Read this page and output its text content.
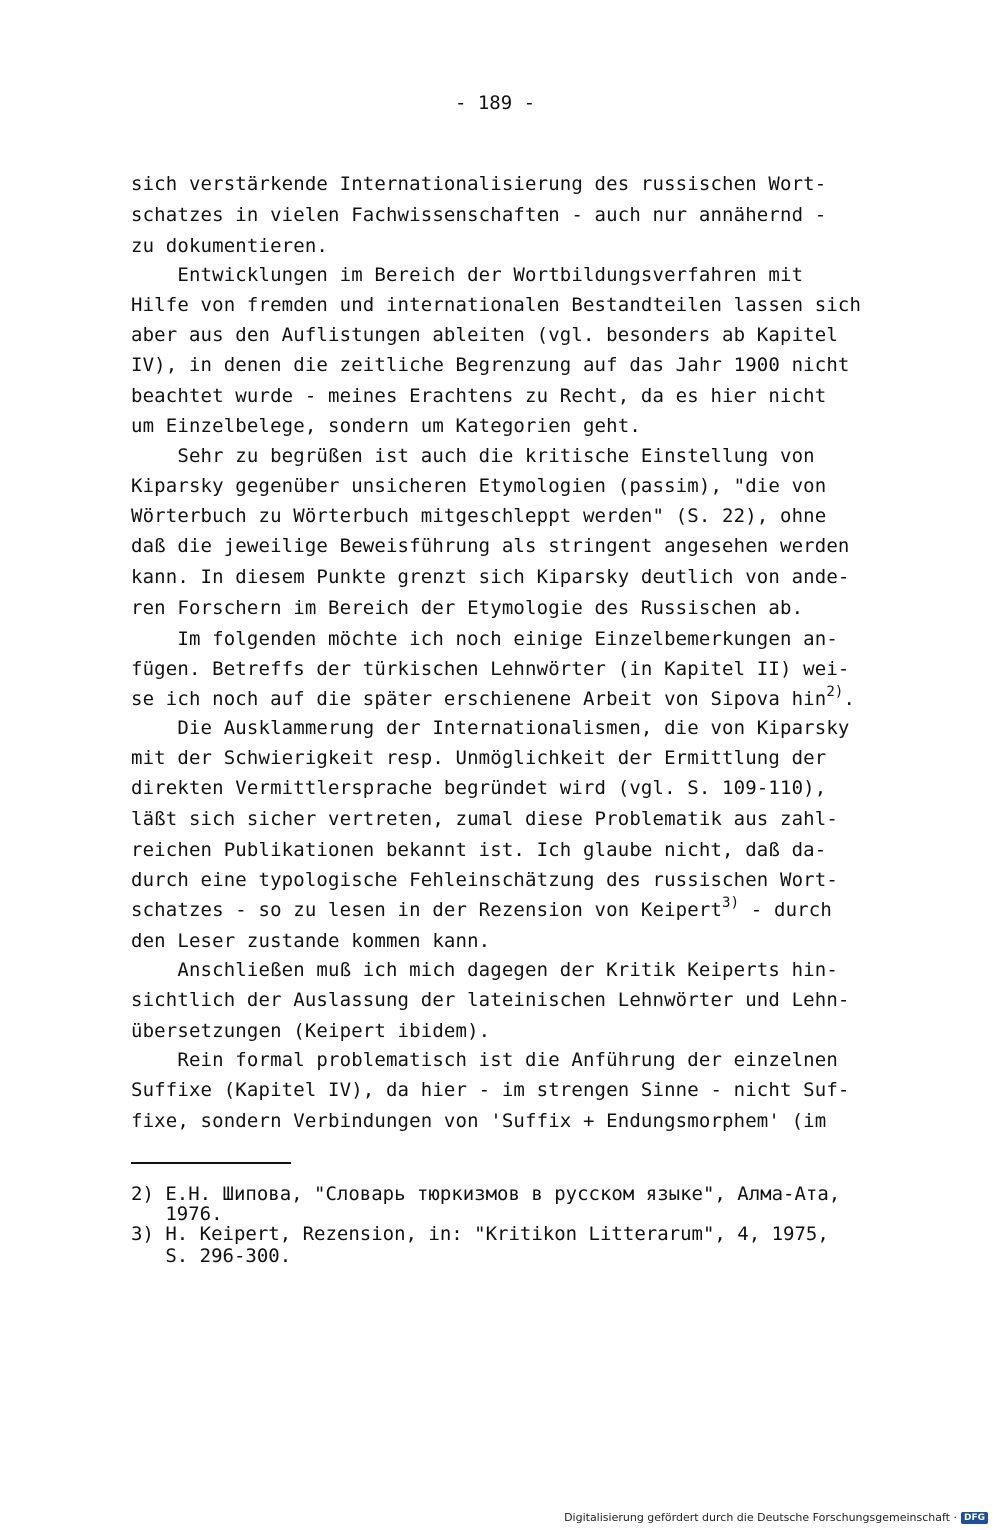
- 189 -
sich verstärkende Internationalisierung des russischen Wort-
schatzes in vielen Fachwissenschaften - auch nur annähernd -
zu dokumentieren.
Entwicklungen im Bereich der Wortbildungsverfahren mit
Hilfe von fremden und internationalen Bestandteilen lassen sich
aber aus den Auflistungen ableiten (vgl. besonders ab Kapitel
IV), in denen die zeitliche Begrenzung auf das Jahr 1900 nicht
beachtet wurde - meines Erachtens zu Recht, da es hier nicht
um Einzelbelege, sondern um Kategorien geht.
Sehr zu begrüßen ist auch die kritische Einstellung von
Kiparsky gegenüber unsicheren Etymologien (passim), "die von
Wörterbuch zu Wörterbuch mitgeschleppt werden" (S. 22), ohne
daß die jeweilige Beweisführung als stringent angesehen werden
kann. In diesem Punkte grenzt sich Kiparsky deutlich von ande-
ren Forschern im Bereich der Etymologie des Russischen ab.
Im folgenden möchte ich noch einige Einzelbemerkungen an-
fügen. Betreffs der türkischen Lehnwörter (in Kapitel II) wei-
se ich noch auf die später erschienene Arbeit von Sipova hin$^{2)}$.
Die Ausklammerung der Internationalismen, die von Kiparsky
mit der Schwierigkeit resp. Unmöglichkeit der Ermittlung der
direkten Vermittlersprache begründet wird (vgl. S. 109-110),
läßt sich sicher vertreten, zumal diese Problematik aus zahl-
reichen Publikationen bekannt ist. Ich glaube nicht, daß da-
durch eine typologische Fehleinschätzung des russischen Wort-
schatzes - so zu lesen in der Rezension von Keipert$^{3)}$ - durch
den Leser zustande kommen kann.
Anschließen muß ich mich dagegen der Kritik Keiperts hin-
sichtlich der Auslassung der lateinischen Lehnwörter und Lehn-
übersetzungen (Keipert ibidem).
Rein formal problematisch ist die Anführung der einzelnen
Suffixe (Kapitel IV), da hier - im strengen Sinne - nicht Suf-
fixe, sondern Verbindungen von 'Suffix + Endungsmorphem' (im
2) Е.Н. Шипова, "Словарь тюркизмов в русском языке", Алма-Ата,
1976.
3) H. Keipert, Rezension, in: "Kritikon Litterarum", 4, 1975,
S. 296-300.
Digitalisierung gefördert durch die Deutsche Forschungsgemeinschaft · DFG
